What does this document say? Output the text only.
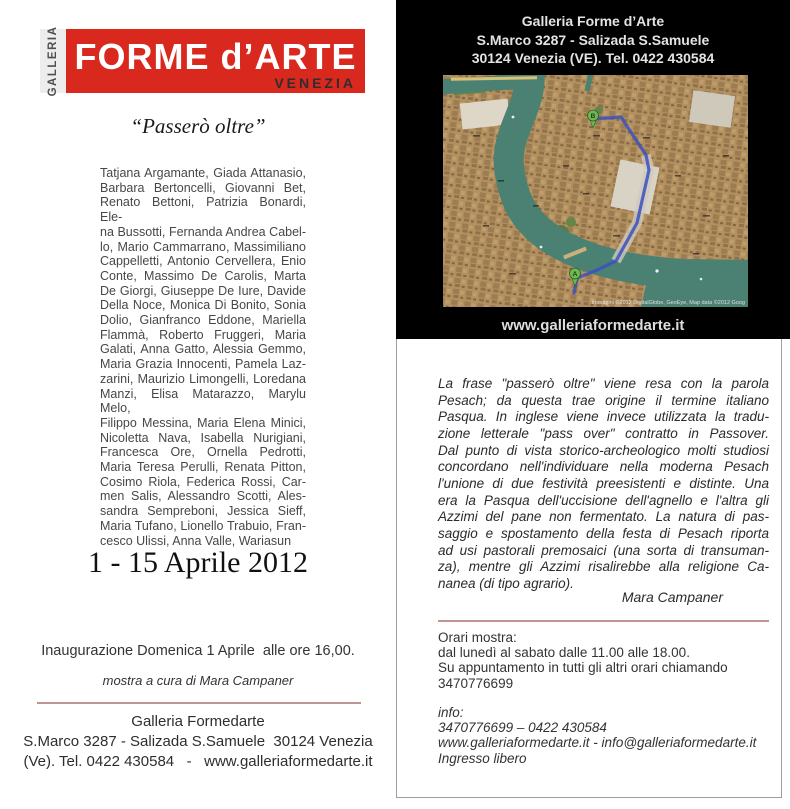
GALLERIA FORME d’ARTE
VENEZIA
“Passerò oltre”
Tatjana Argamante, Giada Attanasio,
Barbara Bertoncelli, Giovanni Bet,
Renato Bettoni, Patrizia Bonardi, Ele-
na Bussotti, Fernanda Andrea Cabel-
lo, Mario Cammarrano, Massimiliano
Cappelletti, Antonio Cervellera, Enio
Conte, Massimo De Carolis, Marta
De Giorgi, Giuseppe De Iure, Davide
Della Noce, Monica Di Bonito, Sonia
Dolio, Gianfranco Eddone, Mariella
Flammà, Roberto Fruggeri, Maria
Galati, Anna Gatto, Alessia Gemmo,
Maria Grazia Innocenti, Pamela Laz-
zarini, Maurizio Limongelli, Loredana
Manzi, Elisa Matarazzo, Marylu Melo,
Filippo Messina, Maria Elena Minici,
Nicoletta Nava, Isabella Nurigiani,
Francesca Ore, Ornella Pedrotti,
Maria Teresa Perulli, Renata Pitton,
Cosimo Riola, Federica Rossi, Car-
men Salis, Alessandro Scotti, Ales-
sandra Sempreboni, Jessica Sieff,
Maria Tufano, Lionello Trabuio, Fran-
cesco Ulissi, Anna Valle, Wariasun
1 - 15 Aprile 2012
Inaugurazione Domenica 1 Aprile  alle ore 16,00.
mostra a cura di Mara Campaner
Galleria Formedarte
S.Marco 3287 - Salizada S.Samuele  30124 Venezia
(Ve). Tel. 0422 430584   -   www.galleriaformedarte.it
Galleria Forme d’Arte
S.Marco 3287 - Salizada S.Samuele
30124 Venezia (VE). Tel. 0422 430584
B
A
Immagini ©2012 DigitalGlobe, GeoEye, Map data ©2012 Goog
www.galleriaformedarte.it
La frase "passerò oltre" viene resa con la parola
Pesach; da questa trae origine il termine italiano
Pasqua. In inglese viene invece utilizzata la tradu-
zione letterale "pass over" contratto in Passover.
Dal punto di vista storico-archeologico molti studiosi
concordano nell'individuare nella moderna Pesach
l'unione di due festività preesistenti e distinte. Una
era la Pasqua dell'uccisione dell'agnello e l'altra gli
Azzimi del pane non fermentato. La natura di pas-
saggio e spostamento della festa di Pesach riporta
ad usi pastorali premosaici (una sorta di transuman-
za), mentre gli Azzimi risalirebbe alla religione Ca-
nanea (di tipo agrario).
Mara Campaner
Orari mostra:
dal lunedì al sabato dalle 11.00 alle 18.00.
Su appuntamento in tutti gli altri orari chiamando
3470776699
info:
3470776699 – 0422 430584
www.galleriaformedarte.it - info@galleriaformedarte.it
Ingresso libero
